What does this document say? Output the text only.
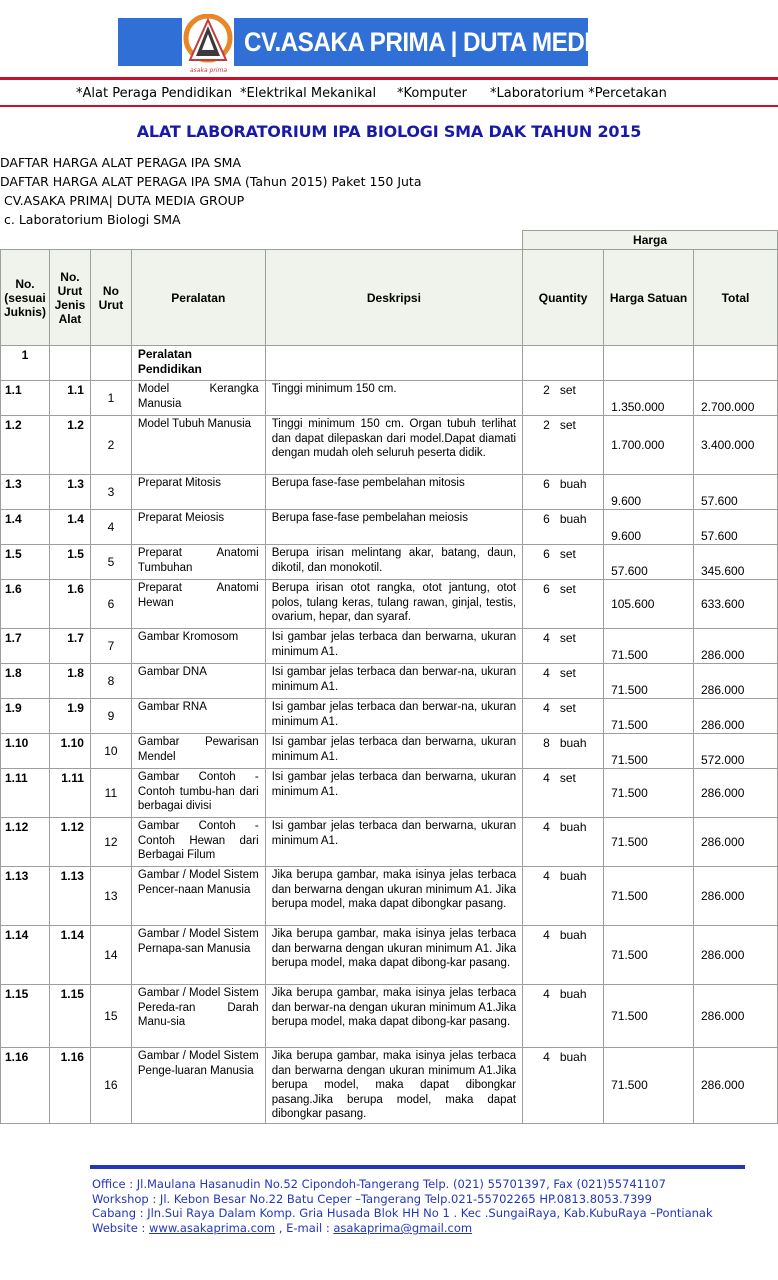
asaka prima
CV.ASAKA PRIMA | DUTA MEDIA GROUP
*Alat Peraga Pendidikan *Elektrikal Mekanikal *Komputer *Laboratorium *Percetakan
ALAT LABORATORIUM IPA BIOLOGI SMA DAK TAHUN 2015
DAFTAR HARGA ALAT PERAGA IPA SMA
DAFTAR HARGA ALAT PERAGA IPA SMA (Tahun 2015) Paket 150 Juta
CV.ASAKA PRIMA| DUTA MEDIA GROUP
c. Laboratorium Biologi SMA
					Harga		
No. (sesuai Juknis)	No. Urut Jenis Alat	No Urut	Peralatan	Deskripsi	Quantity	Harga Satuan	Total
1			Peralatan Pendidikan				
1.1	1.1	1	Model Kerangka Manusia	Tinggi minimum 150 cm.	2 set	1.350.000	2.700.000
1.2	1.2	2	Model Tubuh Manusia	Tinggi minimum 150 cm. Organ tubuh terlihat dan dapat dilepaskan dari model.Dapat diamati dengan mudah oleh seluruh peserta didik.	2 set	1.700.000	3.400.000
1.3	1.3	3	Preparat Mitosis	Berupa fase-fase pembelahan mitosis	6 buah	9.600	57.600
1.4	1.4	4	Preparat Meiosis	Berupa fase-fase pembelahan meiosis	6 buah	9.600	57.600
1.5	1.5	5	Preparat Anatomi Tumbuhan	Berupa irisan melintang akar, batang, daun, dikotil, dan monokotil.	6 set	57.600	345.600
1.6	1.6	6	Preparat Anatomi Hewan	Berupa irisan otot rangka, otot jantung, otot polos, tulang keras, tulang rawan, ginjal, testis, ovarium, hepar, dan syaraf.	6 set	105.600	633.600
1.7	1.7	7	Gambar Kromosom	Isi gambar jelas terbaca dan berwarna, ukuran minimum A1.	4 set	71.500	286.000
1.8	1.8	8	Gambar DNA	Isi gambar jelas terbaca dan berwar-na, ukuran minimum A1.	4 set	71.500	286.000
1.9	1.9	9	Gambar RNA	Isi gambar jelas terbaca dan berwar-na, ukuran minimum A1.	4 set	71.500	286.000
1.10	1.10	10	Gambar Pewarisan Mendel	Isi gambar jelas terbaca dan berwarna, ukuran minimum A1.	8 buah	71.500	572.000
1.11	1.11	11	Gambar Contoh - Contoh tumbu-han dari berbagai divisi	Isi gambar jelas terbaca dan berwarna, ukuran minimum A1.	4 set	71.500	286.000
1.12	1.12	12	Gambar Contoh - Contoh Hewan dari Berbagai Filum	Isi gambar jelas terbaca dan berwarna, ukuran minimum A1.	4 buah	71.500	286.000
1.13	1.13	13	Gambar / Model Sistem Pencer-naan Manusia	Jika berupa gambar, maka isinya jelas terbaca dan berwarna dengan ukuran minimum A1. Jika berupa model, maka dapat dibongkar pasang.	4 buah	71.500	286.000
1.14	1.14	14	Gambar / Model Sistem Pernapa-san Manusia	Jika berupa gambar, maka isinya jelas terbaca dan berwarna dengan ukuran minimum A1. Jika berupa model, maka dapat dibong-kar pasang.	4 buah	71.500	286.000
1.15	1.15	15	Gambar / Model Sistem Pereda-ran Darah Manu-sia	Jika berupa gambar, maka isinya jelas terbaca dan berwar-na dengan ukuran minimum A1.Jika berupa model, maka dapat dibong-kar pasang.	4 buah	71.500	286.000
1.16	1.16	16	Gambar / Model Sistem Penge-luaran Manusia	Jika berupa gambar, maka isinya jelas terbaca dan berwarna dengan ukuran minimum A1.Jika berupa model, maka dapat dibongkar pasang.Jika berupa model, maka dapat dibongkar pasang.	4 buah	71.500	286.000
Office : Jl.Maulana Hasanudin No.52 Cipondoh-Tangerang Telp. (021) 55701397, Fax (021)55741107
Workshop : Jl. Kebon Besar No.22 Batu Ceper –Tangerang Telp.021-55702265 HP.0813.8053.7399
Cabang : Jln.Sui Raya Dalam Komp. Gria Husada Blok HH No 1 . Kec .SungaiRaya, Kab.KubuRaya –Pontianak
Website : www.asakaprima.com , E-mail : asakaprima@gmail.com
